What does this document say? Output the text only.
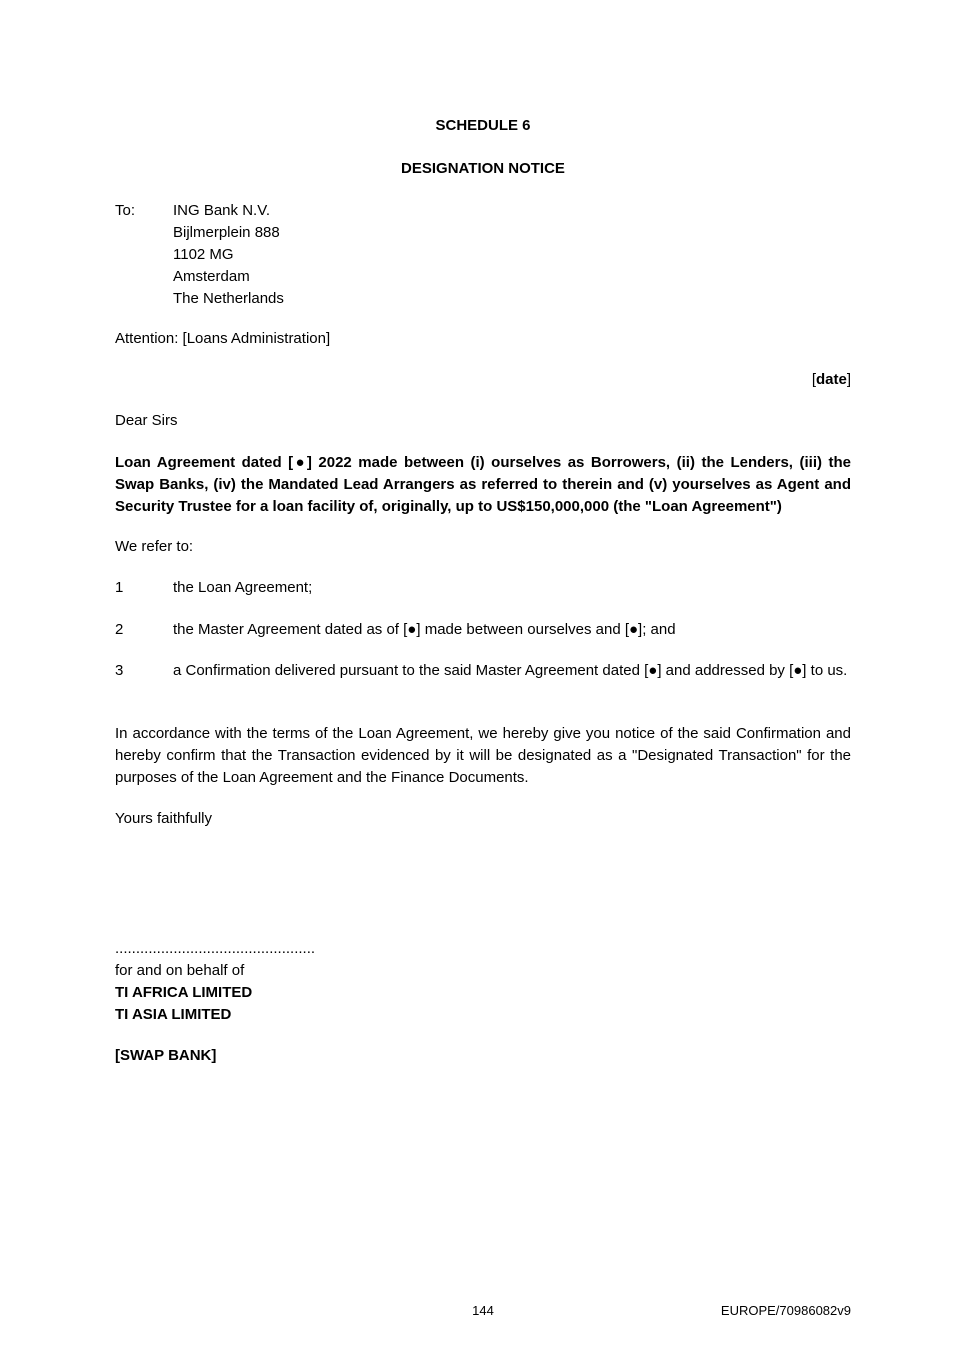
SCHEDULE 6
DESIGNATION NOTICE
To:	ING Bank N.V.
Bijlmerplein 888
1102 MG
Amsterdam
The Netherlands
Attention: [Loans Administration]
[date]
Dear Sirs
Loan Agreement dated [●] 2022 made between (i) ourselves as Borrowers, (ii) the Lenders, (iii) the Swap Banks, (iv) the Mandated Lead Arrangers as referred to therein and (v) yourselves as Agent and Security Trustee for a loan facility of, originally, up to US$150,000,000 (the "Loan Agreement")
We refer to:
1	the Loan Agreement;
2	the Master Agreement dated as of [●] made between ourselves and [●]; and
3	a Confirmation delivered pursuant to the said Master Agreement dated [●] and addressed by [●] to us.
In accordance with the terms of the Loan Agreement, we hereby give you notice of the said Confirmation and hereby confirm that the Transaction evidenced by it will be designated as a "Designated Transaction" for the purposes of the Loan Agreement and the Finance Documents.
Yours faithfully
................................................
for and on behalf of
TI AFRICA LIMITED
TI ASIA LIMITED
[SWAP BANK]
144	EUROPE/70986082v9
